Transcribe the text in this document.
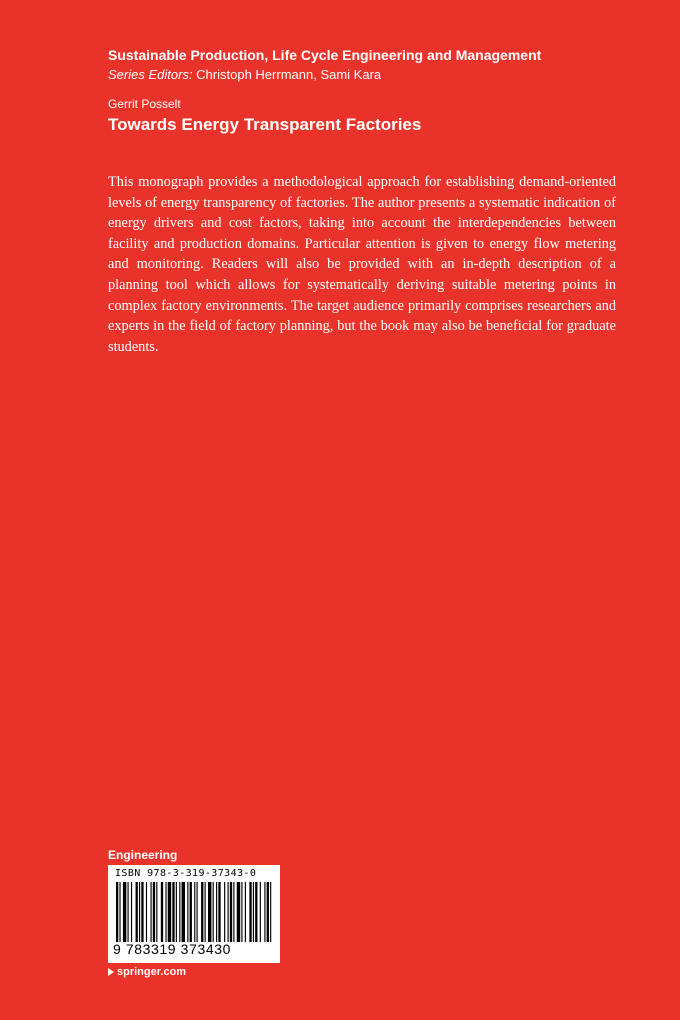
Sustainable Production, Life Cycle Engineering and Management
Series Editors: Christoph Herrmann, Sami Kara
Gerrit Posselt
Towards Energy Transparent Factories
This monograph provides a methodological approach for establishing demand-oriented levels of energy transparency of factories. The author presents a systematic indication of energy drivers and cost factors, taking into account the interdependencies between facility and production domains. Particular attention is given to energy flow metering and monitoring. Readers will also be provided with an in-depth description of a planning tool which allows for systematically deriving suitable metering points in complex factory environments. The target audience primarily comprises researchers and experts in the field of factory planning, but the book may also be beneficial for graduate students.
Engineering
ISBN 978-3-319-37343-0
9 783319 373430
springer.com
